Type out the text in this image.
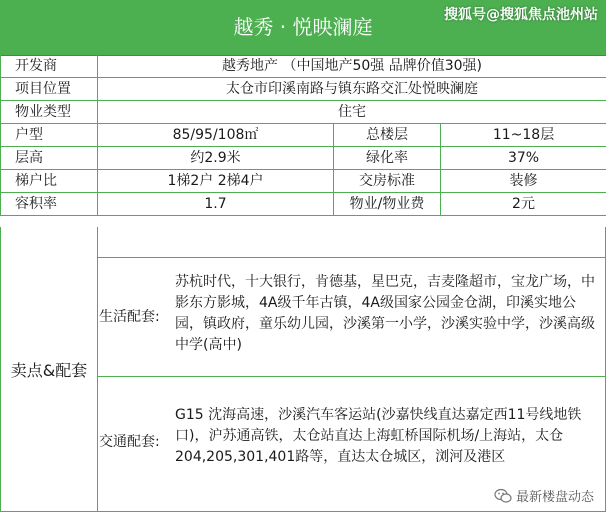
越秀 · 悦映澜庭	搜狐号@搜狐焦点池州站
开发商	越秀地产 （中国地产50强 品牌价值30强)		
项目位置	太仓市印溪南路与镇东路交汇处悦映澜庭		
物业类型	住宅		
户型	85/95/108㎡	总楼层	11~18层
层高	约2.9米	绿化率	37%
梯户比	1梯2户 2梯4户	交房标准	装修
容积率	1.7	物业/物业费	2元
卖点&配套
生活配套:
苏杭时代，十大银行，肯德基，星巴克，吉麦隆超市，宝龙广场，中影东方影城，4A级千年古镇，4A级国家公园金仓湖，印溪实地公园，镇政府，童乐幼儿园，沙溪第一小学，沙溪实验中学，沙溪高级中学(高中)
交通配套:
G15 沈海高速，沙溪汽车客运站(沙嘉快线直达嘉定西11号线地铁口)，沪苏通高铁，太仓站直达上海虹桥国际机场/上海站，太仓204,205,301,401路等，直达太仓城区，浏河及港区
最新楼盘动态
